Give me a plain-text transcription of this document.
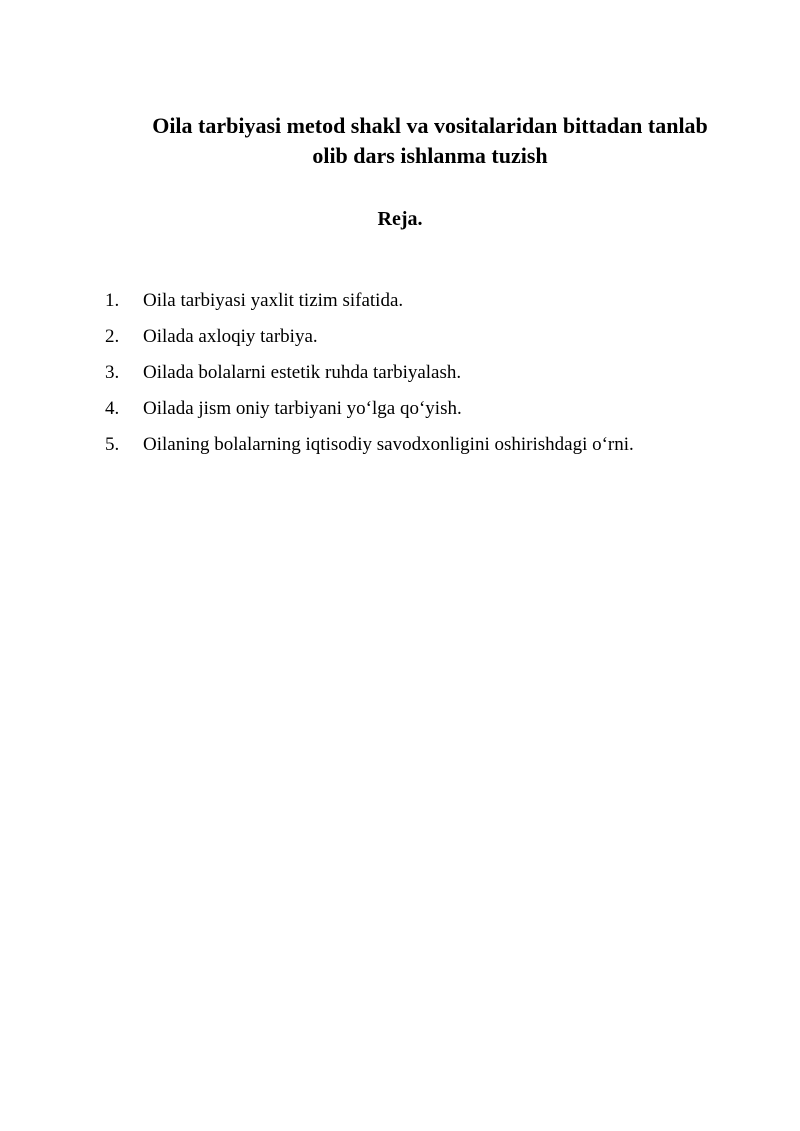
Oila tarbiyasi metod shakl va vositalaridan bittadan tanlab
olib dars ishlanma tuzish
Reja.
1. Oila tarbiyasi yaxlit tizim sifatida.
2. Oilada axloqiy tarbiya.
3. Oilada bolalarni estetik ruhda tarbiyalash.
4. Oilada jism oniy tarbiyani yo‘lga qo‘yish.
5. Oilaning bolalarning iqtisodiy savodxonligini oshirishdagi o‘rni.
